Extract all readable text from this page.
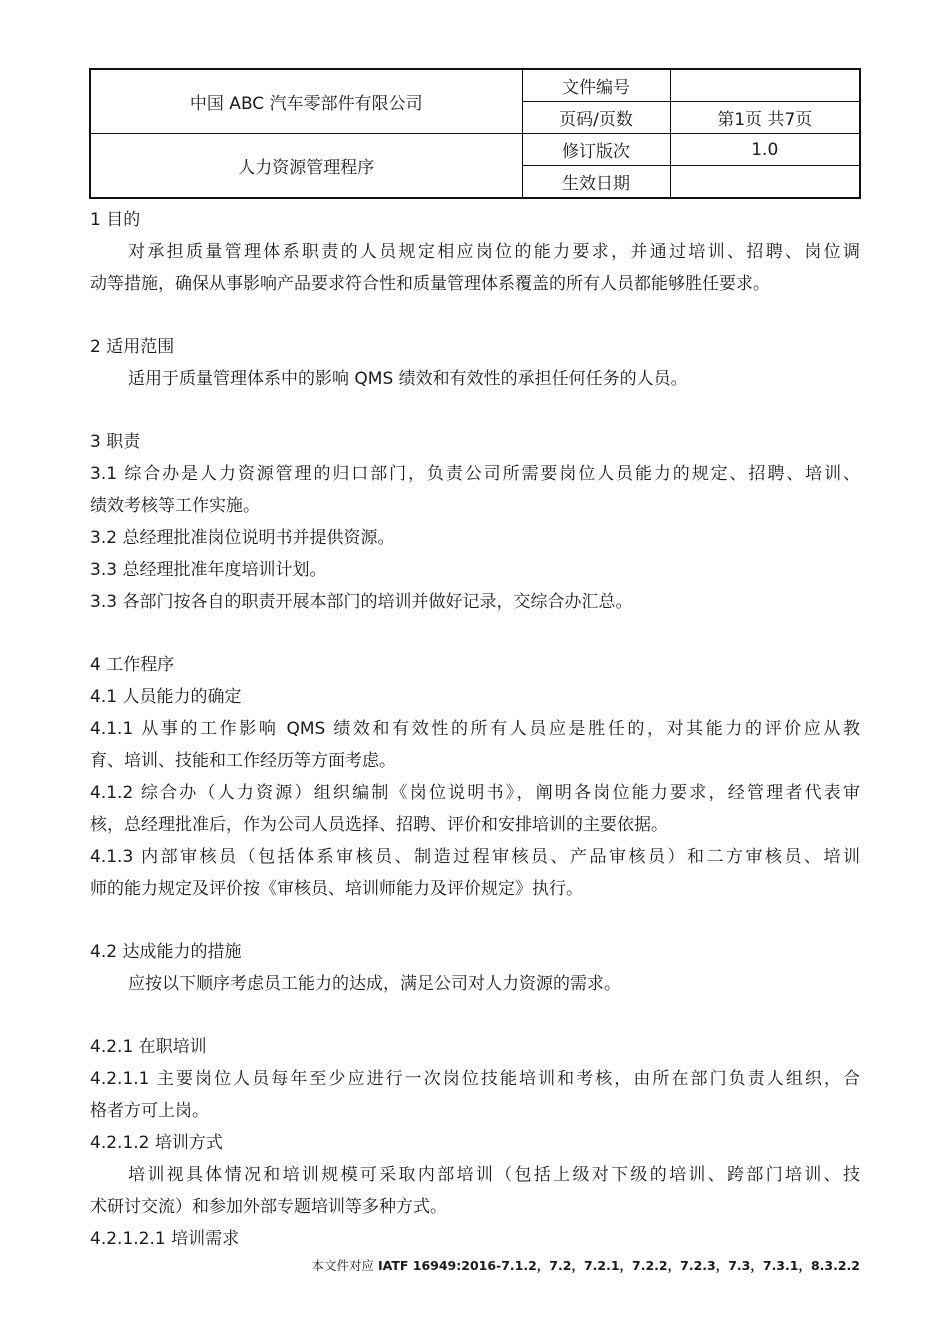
中国 ABC 汽车零部件有限公司	文件编号	
	页码/页数	第1页 共7页
人力资源管理程序	修订版次	1.0
	生效日期	
1 目的
对承担质量管理体系职责的人员规定相应岗位的能力要求，并通过培训、招聘、岗位调
动等措施，确保从事影响产品要求符合性和质量管理体系覆盖的所有人员都能够胜任要求。
2 适用范围
适用于质量管理体系中的影响 QMS 绩效和有效性的承担任何任务的人员。
3 职责
3.1 综合办是人力资源管理的归口部门，负责公司所需要岗位人员能力的规定、招聘、培训、
绩效考核等工作实施。
3.2 总经理批准岗位说明书并提供资源。
3.3 总经理批准年度培训计划。
3.3 各部门按各自的职责开展本部门的培训并做好记录，交综合办汇总。
4 工作程序
4.1 人员能力的确定
4.1.1 从事的工作影响 QMS 绩效和有效性的所有人员应是胜任的，对其能力的评价应从教
育、培训、技能和工作经历等方面考虑。
4.1.2 综合办（人力资源）组织编制《岗位说明书》，阐明各岗位能力要求，经管理者代表审
核，总经理批准后，作为公司人员选择、招聘、评价和安排培训的主要依据。
4.1.3 内部审核员（包括体系审核员、制造过程审核员、产品审核员）和二方审核员、培训
师的能力规定及评价按《审核员、培训师能力及评价规定》执行。
4.2 达成能力的措施
应按以下顺序考虑员工能力的达成，满足公司对人力资源的需求。
4.2.1 在职培训
4.2.1.1 主要岗位人员每年至少应进行一次岗位技能培训和考核，由所在部门负责人组织，合
格者方可上岗。
4.2.1.2 培训方式
培训视具体情况和培训规模可采取内部培训（包括上级对下级的培训、跨部门培训、技
术研讨交流）和参加外部专题培训等多种方式。
4.2.1.2.1 培训需求
本文件对应 IATF 16949:2016-7.1.2，7.2，7.2.1，7.2.2，7.2.3，7.3，7.3.1，8.3.2.2
